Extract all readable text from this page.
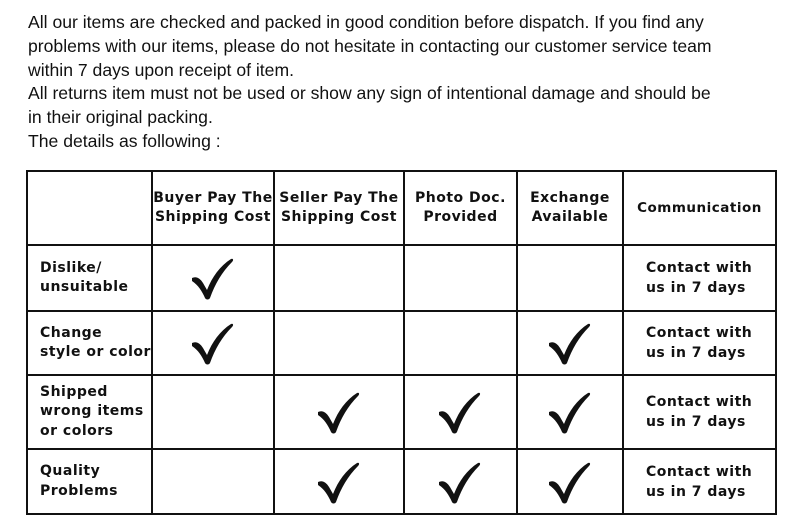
All our items are checked and packed in good condition before dispatch. If you find any

problems with our items, please do not hesitate in contacting our customer service team

within 7 days upon receipt of item.

All returns item must not be used or show any sign of intentional damage and should be

in their original packing.

The details as following :

	Buyer Pay The
Shipping Cost	Seller Pay The
Shipping Cost	Photo Doc.
Provided	Exchange
Available	Communication

Dislike/
unsuitable					Contact with
us in 7 days

Change
style or color					Contact with
us in 7 days

Shipped
wrong items
or colors					Contact with
us in 7 days

Quality
Problems					Contact with
us in 7 days
